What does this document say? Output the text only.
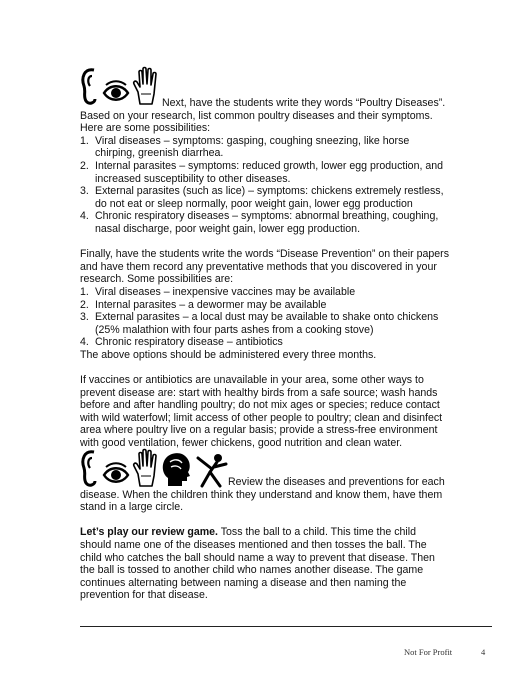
Next, have the students write they words “Poultry Diseases”. Based on your research, list common poultry diseases and their symptoms. Here are some possibilities:

1. Viral diseases – symptoms: gasping, coughing sneezing, like horse chirping, greenish diarrhea.
2. Internal parasites – symptoms: reduced growth, lower egg production, and increased susceptibility to other diseases.
3. External parasites (such as lice) – symptoms: chickens extremely restless, do not eat or sleep normally, poor weight gain, lower egg production
4. Chronic respiratory diseases – symptoms: abnormal breathing, coughing, nasal discharge, poor weight gain, lower egg production.

Finally, have the students write the words “Disease Prevention” on their papers and have them record any preventative methods that you discovered in your research. Some possibilities are:

1. Viral diseases – inexpensive vaccines may be available
2. Internal parasites – a dewormer may be available
3. External parasites – a local dust may be available to shake onto chickens (25% malathion with four parts ashes from a cooking stove)
4. Chronic respiratory disease – antibiotics

The above options should be administered every three months.

If vaccines or antibiotics are unavailable in your area, some other ways to prevent disease are: start with healthy birds from a safe source; wash hands before and after handling poultry; do not mix ages or species; reduce contact with wild waterfowl; limit access of other people to poultry; clean and disinfect area where poultry live on a regular basis; provide a stress-free environment with good ventilation, fewer chickens, good nutrition and clean water.

Review the diseases and preventions for each disease. When the children think they understand and know them, have them stand in a large circle.

Let’s play our review game. Toss the ball to a child. This time the child should name one of the diseases mentioned and then tosses the ball. The child who catches the ball should name a way to prevent that disease. Then the ball is tossed to another child who names another disease. The game continues alternating between naming a disease and then naming the prevention for that disease.

Not For Profit	4
